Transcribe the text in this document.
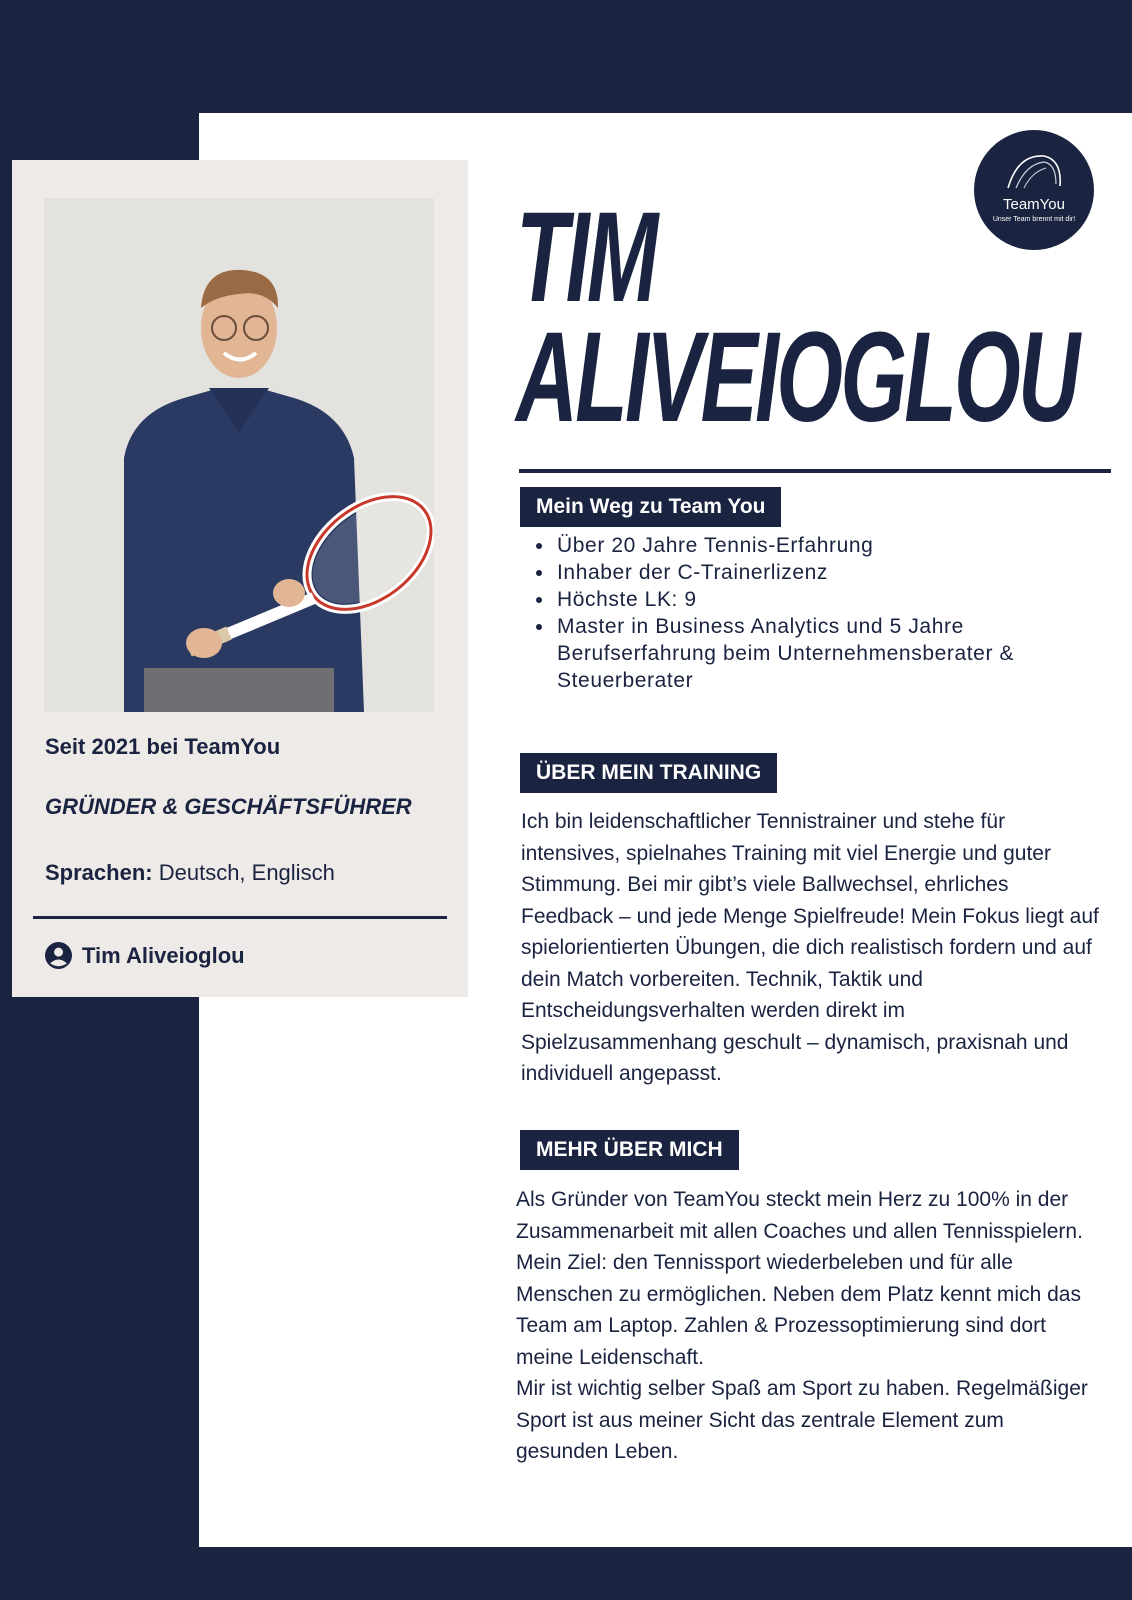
Seit 2021 bei TeamYou
GRÜNDER & GESCHÄFTSFÜHRER
Sprachen: Deutsch, Englisch
Tim Aliveioglou
TeamYou
Unser Team brennt mit dir!
TIM
ALIVEIOGLOU
Mein Weg zu Team You
• Über 20 Jahre Tennis-Erfahrung
• Inhaber der C-Trainerlizenz
• Höchste LK: 9
• Master in Business Analytics und 5 Jahre Berufserfahrung beim Unternehmensberater & Steuerberater
ÜBER MEIN TRAINING

Ich bin leidenschaftlicher Tennistrainer und stehe für intensives, spielnahes Training mit viel Energie und guter Stimmung. Bei mir gibt’s viele Ballwechsel, ehrliches Feedback – und jede Menge Spielfreude! Mein Fokus liegt auf spielorientierten Übungen, die dich realistisch fordern und auf dein Match vorbereiten. Technik, Taktik und Entscheidungsverhalten werden direkt im Spielzusammenhang geschult – dynamisch, praxisnah und individuell angepasst.

MEHR ÜBER MICH

Als Gründer von TeamYou steckt mein Herz zu 100% in der Zusammenarbeit mit allen Coaches und allen Tennisspielern. Mein Ziel: den Tennissport wiederbeleben und für alle Menschen zu ermöglichen. Neben dem Platz kennt mich das Team am Laptop. Zahlen & Prozessoptimierung sind dort meine Leidenschaft.
Mir ist wichtig selber Spaß am Sport zu haben. Regelmäßiger Sport ist aus meiner Sicht das zentrale Element zum gesunden Leben.
